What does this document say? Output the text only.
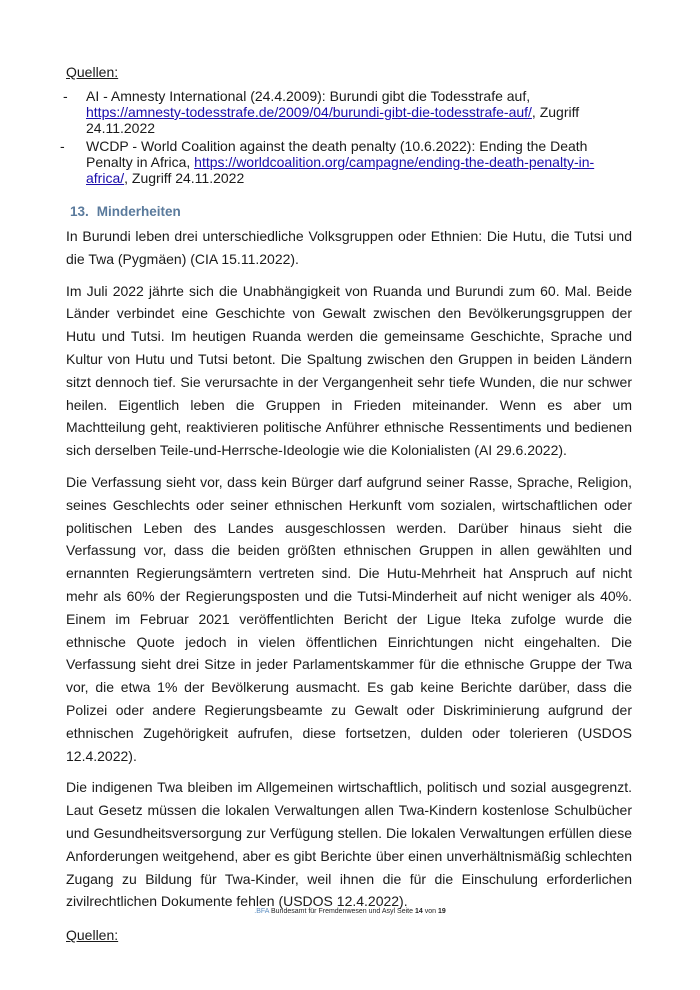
Quellen:
- AI - Amnesty International (24.4.2009): Burundi gibt die Todesstrafe auf, https://amnesty-todesstrafe.de/2009/04/burundi-gibt-die-todesstrafe-auf/, Zugriff 24.11.2022
- WCDP - World Coalition against the death penalty (10.6.2022): Ending the Death Penalty in Africa, https://worldcoalition.org/campagne/ending-the-death-penalty-in-africa/, Zugriff 24.11.2022
13. Minderheiten

In Burundi leben drei unterschiedliche Volksgruppen oder Ethnien: Die Hutu, die Tutsi und die Twa (Pygmäen) (CIA 15.11.2022).

Im Juli 2022 jährte sich die Unabhängigkeit von Ruanda und Burundi zum 60. Mal. Beide Länder verbindet eine Geschichte von Gewalt zwischen den Bevölkerungsgruppen der Hutu und Tutsi. Im heutigen Ruanda werden die gemeinsame Geschichte, Sprache und Kultur von Hutu und Tutsi betont. Die Spaltung zwischen den Gruppen in beiden Ländern sitzt dennoch tief. Sie verursachte in der Vergangenheit sehr tiefe Wunden, die nur schwer heilen. Eigentlich leben die Gruppen in Frieden miteinander. Wenn es aber um Machtteilung geht, reaktivieren politische Anführer ethnische Ressentiments und bedienen sich derselben Teile-und-Herrsche-Ideologie wie die Kolonialisten (AI 29.6.2022).

Die Verfassung sieht vor, dass kein Bürger darf aufgrund seiner Rasse, Sprache, Religion, seines Geschlechts oder seiner ethnischen Herkunft vom sozialen, wirtschaftlichen oder politischen Leben des Landes ausgeschlossen werden. Darüber hinaus sieht die Verfassung vor, dass die beiden größten ethnischen Gruppen in allen gewählten und ernannten Regierungsämtern vertreten sind. Die Hutu-Mehrheit hat Anspruch auf nicht mehr als 60% der Regierungsposten und die Tutsi-Minderheit auf nicht weniger als 40%. Einem im Februar 2021 veröffentlichten Bericht der Ligue Iteka zufolge wurde die ethnische Quote jedoch in vielen öffentlichen Einrichtungen nicht eingehalten. Die Verfassung sieht drei Sitze in jeder Parlamentskammer für die ethnische Gruppe der Twa vor, die etwa 1% der Bevölkerung ausmacht. Es gab keine Berichte darüber, dass die Polizei oder andere Regierungsbeamte zu Gewalt oder Diskriminierung aufgrund der ethnischen Zugehörigkeit aufrufen, diese fortsetzen, dulden oder tolerieren (USDOS 12.4.2022).

Die indigenen Twa bleiben im Allgemeinen wirtschaftlich, politisch und sozial ausgegrenzt. Laut Gesetz müssen die lokalen Verwaltungen allen Twa-Kindern kostenlose Schulbücher und Gesundheitsversorgung zur Verfügung stellen. Die lokalen Verwaltungen erfüllen diese Anforderungen weitgehend, aber es gibt Berichte über einen unverhältnismäßig schlechten Zugang zu Bildung für Twa-Kinder, weil ihnen die für die Einschulung erforderlichen zivilrechtlichen Dokumente fehlen (USDOS 12.4.2022).

Quellen:
.BFA Bundesamt für Fremdenwesen und Asyl Seite 14 von 19
